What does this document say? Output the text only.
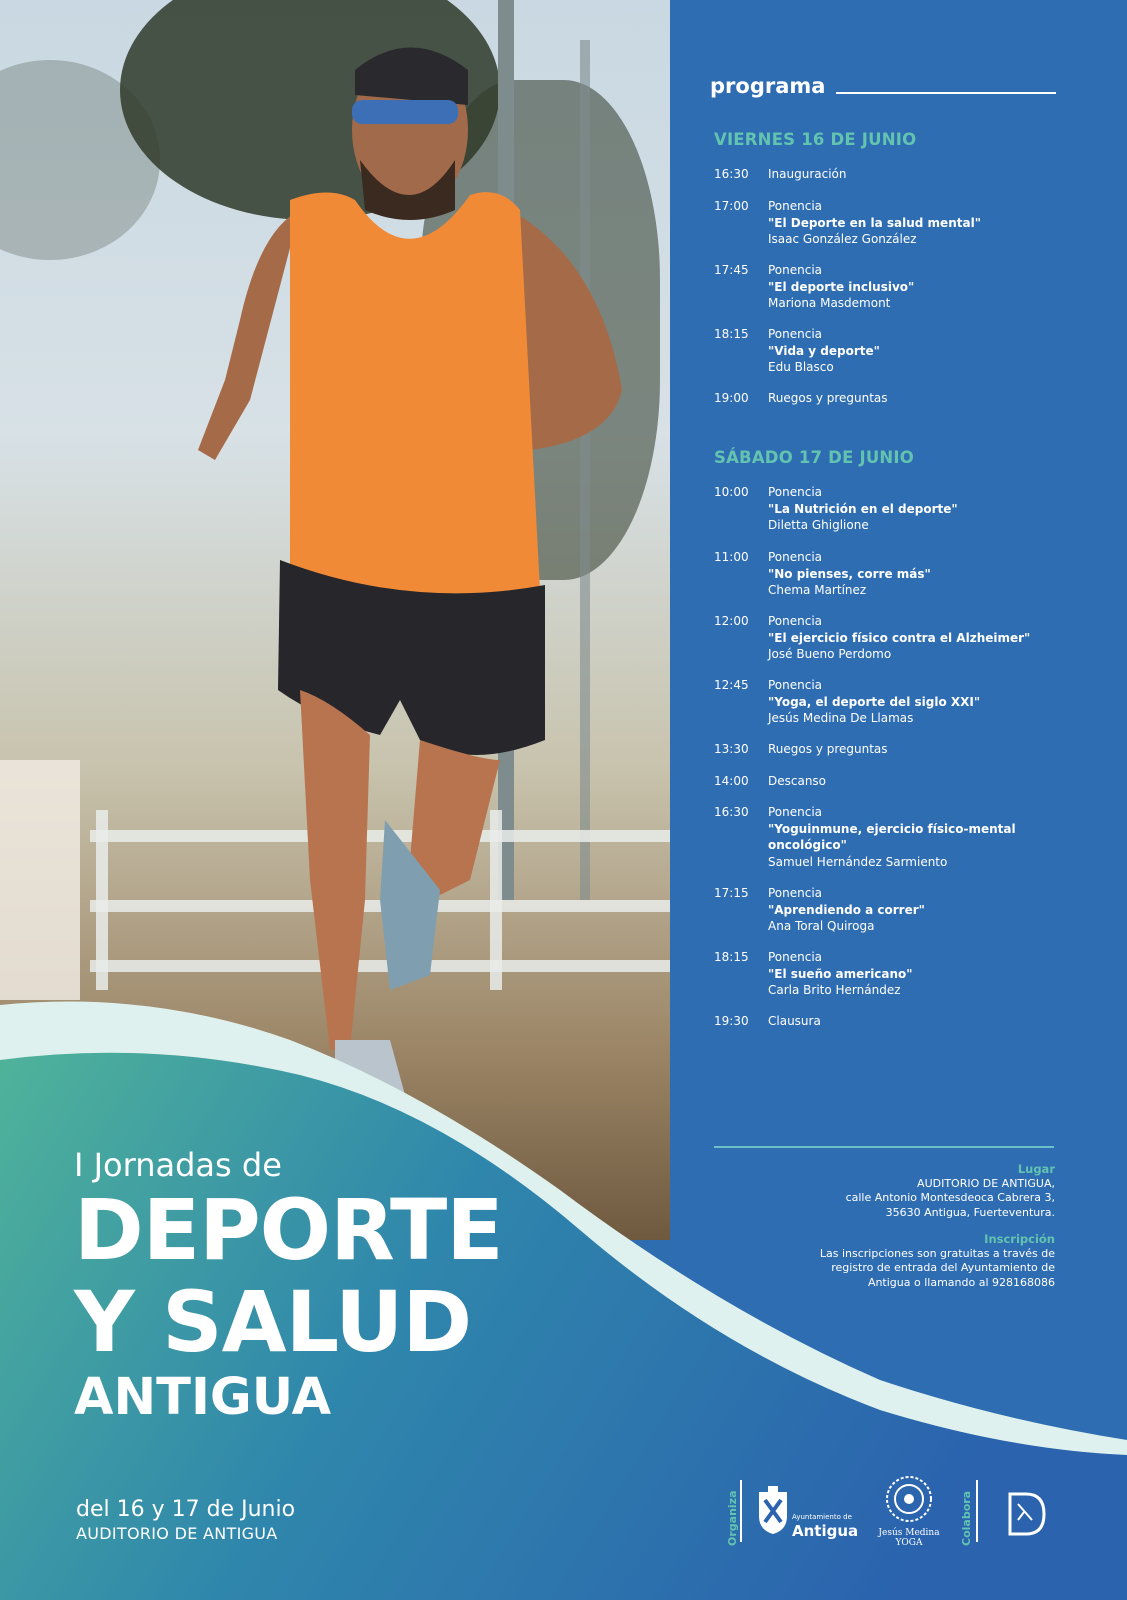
programa
VIERNES 16 DE JUNIO
16:30	Inauguración
17:00	Ponencia
"El Deporte en la salud mental"
Isaac González González
17:45	Ponencia
"El deporte inclusivo"
Mariona Masdemont
18:15	Ponencia
"Vida y deporte"
Edu Blasco
19:00	Ruegos y preguntas
SÁBADO 17 DE JUNIO
10:00	Ponencia
"La Nutrición en el deporte"
Diletta Ghiglione
11:00	Ponencia
"No pienses, corre más"
Chema Martínez
12:00	Ponencia
"El ejercicio físico contra el Alzheimer"
José Bueno Perdomo
12:45	Ponencia
"Yoga, el deporte del siglo XXI"
Jesús Medina De Llamas
13:30	Ruegos y preguntas
14:00	Descanso
16:30	Ponencia
"Yoguinmune, ejercicio físico-mental
oncológico"
Samuel Hernández Sarmiento
17:15	Ponencia
"Aprendiendo a correr"
Ana Toral Quiroga
18:15	Ponencia
"El sueño americano"
Carla Brito Hernández
19:30	Clausura
Lugar
AUDITORIO DE ANTIGUA,
calle Antonio Montesdeoca Cabrera 3,
35630 Antigua, Fuerteventura.
Inscripción
Las inscripciones son gratuitas a través de
registro de entrada del Ayuntamiento de
Antigua o llamando al 928168086
I Jornadas de
DEPORTE
Y SALUD
ANTIGUA
del 16 y 17 de Junio
AUDITORIO DE ANTIGUA	Organiza	Ayuntamiento de
Antigua	Jesús Medina
YOGA	Colabora
